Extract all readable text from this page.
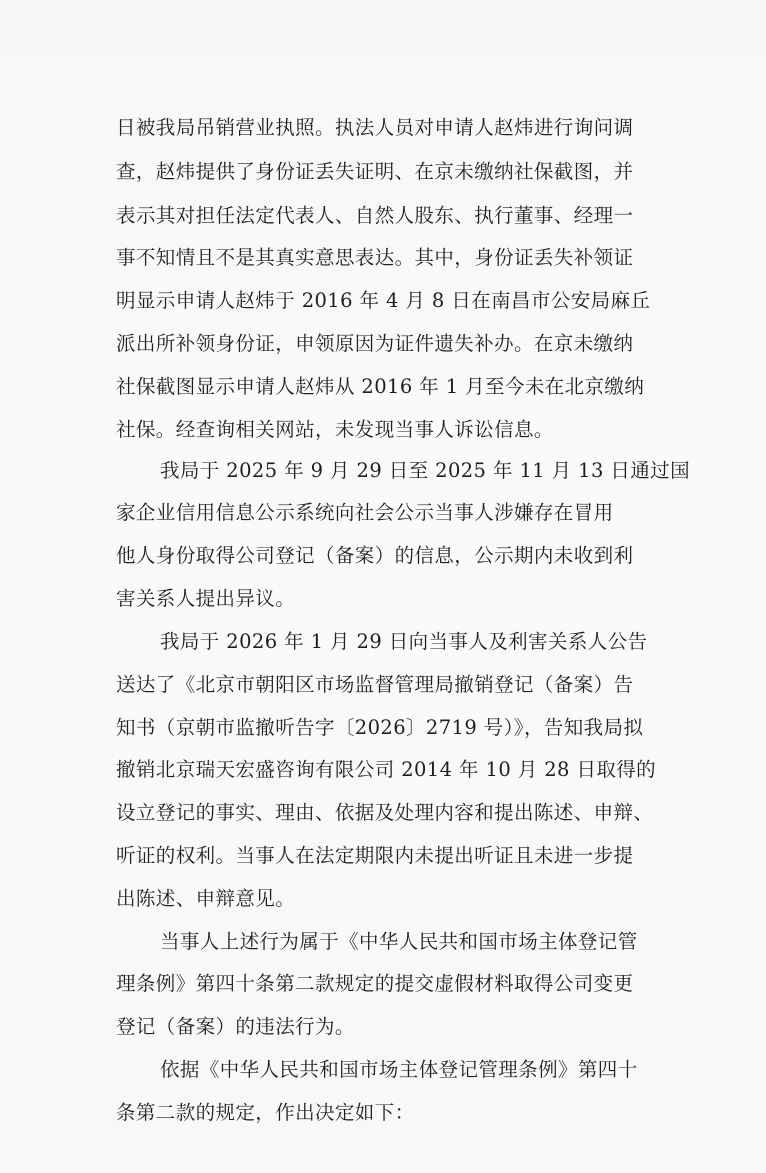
日被我局吊销营业执照。执法人员对申请人赵炜进行询问调
查，赵炜提供了身份证丢失证明、在京未缴纳社保截图，并
表示其对担任法定代表人、自然人股东、执行董事、经理一
事不知情且不是其真实意思表达。其中，身份证丢失补领证
明显示申请人赵炜于 2016 年 4 月 8 日在南昌市公安局麻丘
派出所补领身份证，申领原因为证件遗失补办。在京未缴纳
社保截图显示申请人赵炜从 2016 年 1 月至今未在北京缴纳
社保。经查询相关网站，未发现当事人诉讼信息。
我局于 2025 年 9 月 29 日至 2025 年 11 月 13 日通过国
家企业信用信息公示系统向社会公示当事人涉嫌存在冒用
他人身份取得公司登记（备案）的信息，公示期内未收到利
害关系人提出异议。
我局于 2026 年 1 月 29 日向当事人及利害关系人公告
送达了《北京市朝阳区市场监督管理局撤销登记（备案）告
知书（京朝市监撤听告字〔2026〕2719 号）》，告知我局拟
撤销北京瑞天宏盛咨询有限公司 2014 年 10 月 28 日取得的
设立登记的事实、理由、依据及处理内容和提出陈述、申辩、
听证的权利。当事人在法定期限内未提出听证且未进一步提
出陈述、申辩意见。
当事人上述行为属于《中华人民共和国市场主体登记管
理条例》第四十条第二款规定的提交虚假材料取得公司变更
登记（备案）的违法行为。
依据《中华人民共和国市场主体登记管理条例》第四十
条第二款的规定，作出决定如下：
